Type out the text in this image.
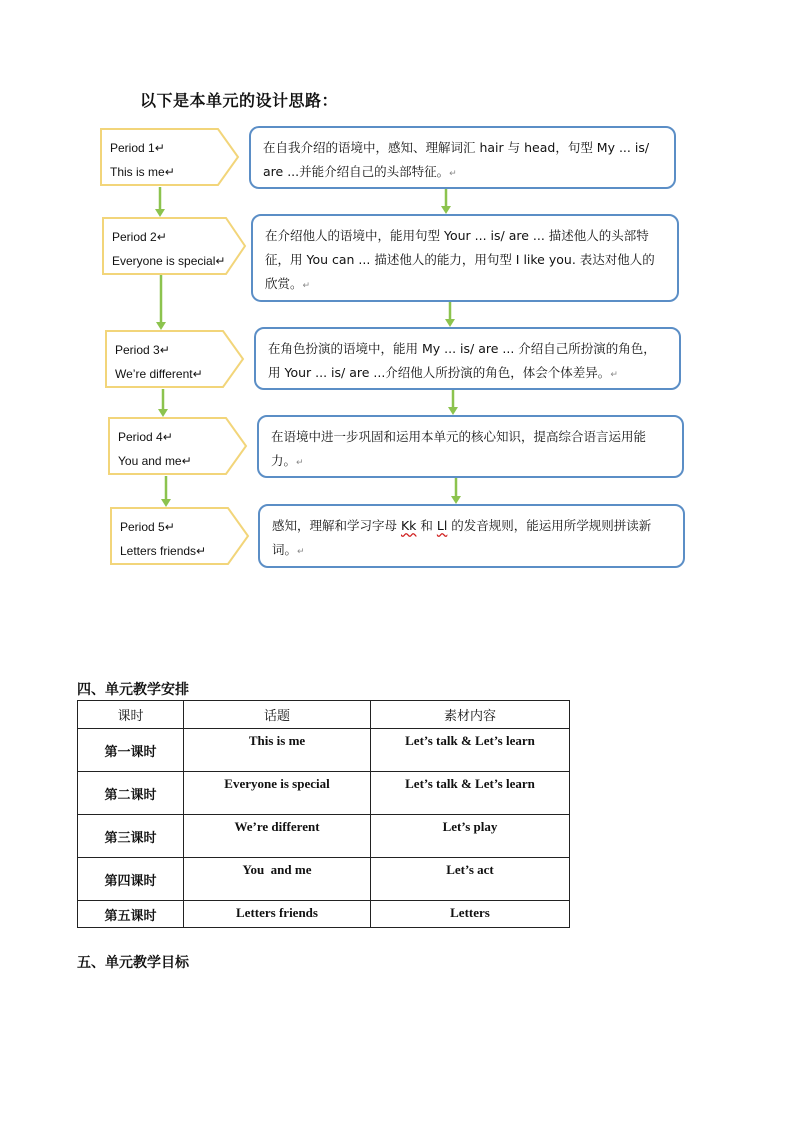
以下是本单元的设计思路：
Period 1↵
This is me↵
在自我介绍的语境中，感知、理解词汇 hair 与 head，句型 My ... is/ are ...并能介绍自己的头部特征。↵
Period 2↵
Everyone is special↵
在介绍他人的语境中，能用句型 Your ... is/ are ... 描述他人的头部特征，用 You can ... 描述他人的能力，用句型 I like you. 表达对他人的欣赏。↵
Period 3↵
We’re different↵
在角色扮演的语境中，能用 My ... is/ are ... 介绍自己所扮演的角色，用 Your ... is/ are ...介绍他人所扮演的角色，体会个体差异。↵
Period 4↵
You and me↵
在语境中进一步巩固和运用本单元的核心知识，提高综合语言运用能力。↵
Period 5↵
Letters friends↵
感知，理解和学习字母 Kk 和 Ll 的发音规则，能运用所学规则拼读新词。↵
四、单元教学安排
课时	话题	素材内容
第一课时	This is me	Let’s talk & Let’s learn
第二课时	Everyone is special	Let’s talk & Let’s learn
第三课时	We’re different	Let’s play
第四课时	You  and me	Let’s act
第五课时	Letters friends	Letters
五、单元教学目标
